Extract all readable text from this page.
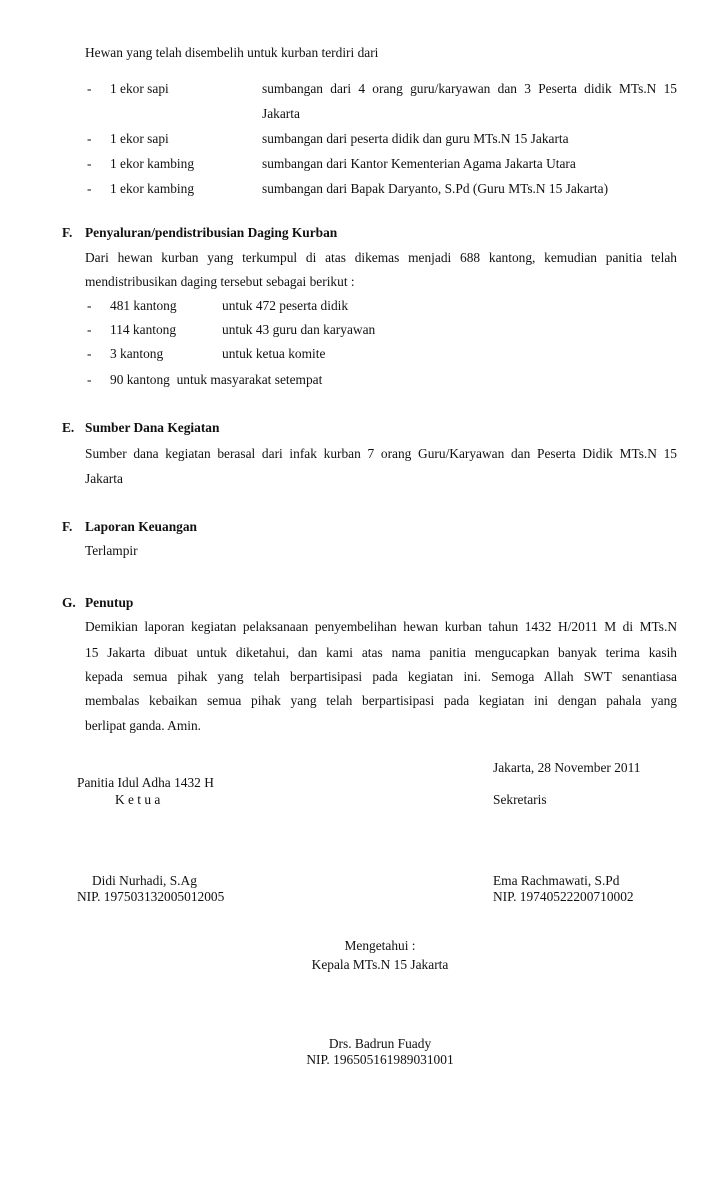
Hewan yang telah disembelih untuk kurban terdiri dari
- 1 ekor sapi	sumbangan dari 4 orang guru/karyawan dan 3 Peserta didik MTs.N 15
Jakarta
- 1 ekor sapi	sumbangan dari peserta didik dan guru MTs.N 15 Jakarta
- 1 ekor kambing	sumbangan dari Kantor Kementerian Agama Jakarta Utara
- 1 ekor kambing	sumbangan dari Bapak Daryanto, S.Pd (Guru MTs.N 15 Jakarta)
F. Penyaluran/pendistribusian Daging Kurban
Dari hewan kurban yang terkumpul di atas dikemas menjadi 688 kantong, kemudian panitia telah
mendistribusikan daging tersebut sebagai berikut :
- 481 kantong	untuk 472 peserta didik
- 114 kantong	untuk 43 guru dan karyawan
- 3 kantong	untuk ketua komite
- 90 kantong  untuk masyarakat setempat
E. Sumber Dana Kegiatan
Sumber dana kegiatan berasal dari infak kurban 7 orang Guru/Karyawan dan Peserta Didik MTs.N 15
Jakarta
F. Laporan Keuangan
Terlampir
G. Penutup
Demikian laporan kegiatan pelaksanaan penyembelihan hewan kurban tahun 1432 H/2011 M di MTs.N
15 Jakarta dibuat untuk diketahui, dan kami atas nama panitia mengucapkan banyak terima kasih
kepada semua pihak yang telah berpartisipasi pada kegiatan ini. Semoga Allah SWT senantiasa
membalas kebaikan semua pihak yang telah berpartisipasi pada kegiatan ini dengan pahala yang
berlipat ganda. Amin.
Jakarta, 28 November 2011
Panitia Idul Adha 1432 H
K e t u a	Sekretaris
Didi Nurhadi, S.Ag
NIP. 197503132005012005
Ema Rachmawati, S.Pd
NIP. 19740522200710002
Mengetahui :
Kepala MTs.N 15 Jakarta
Drs. Badrun Fuady
NIP. 196505161989031001
